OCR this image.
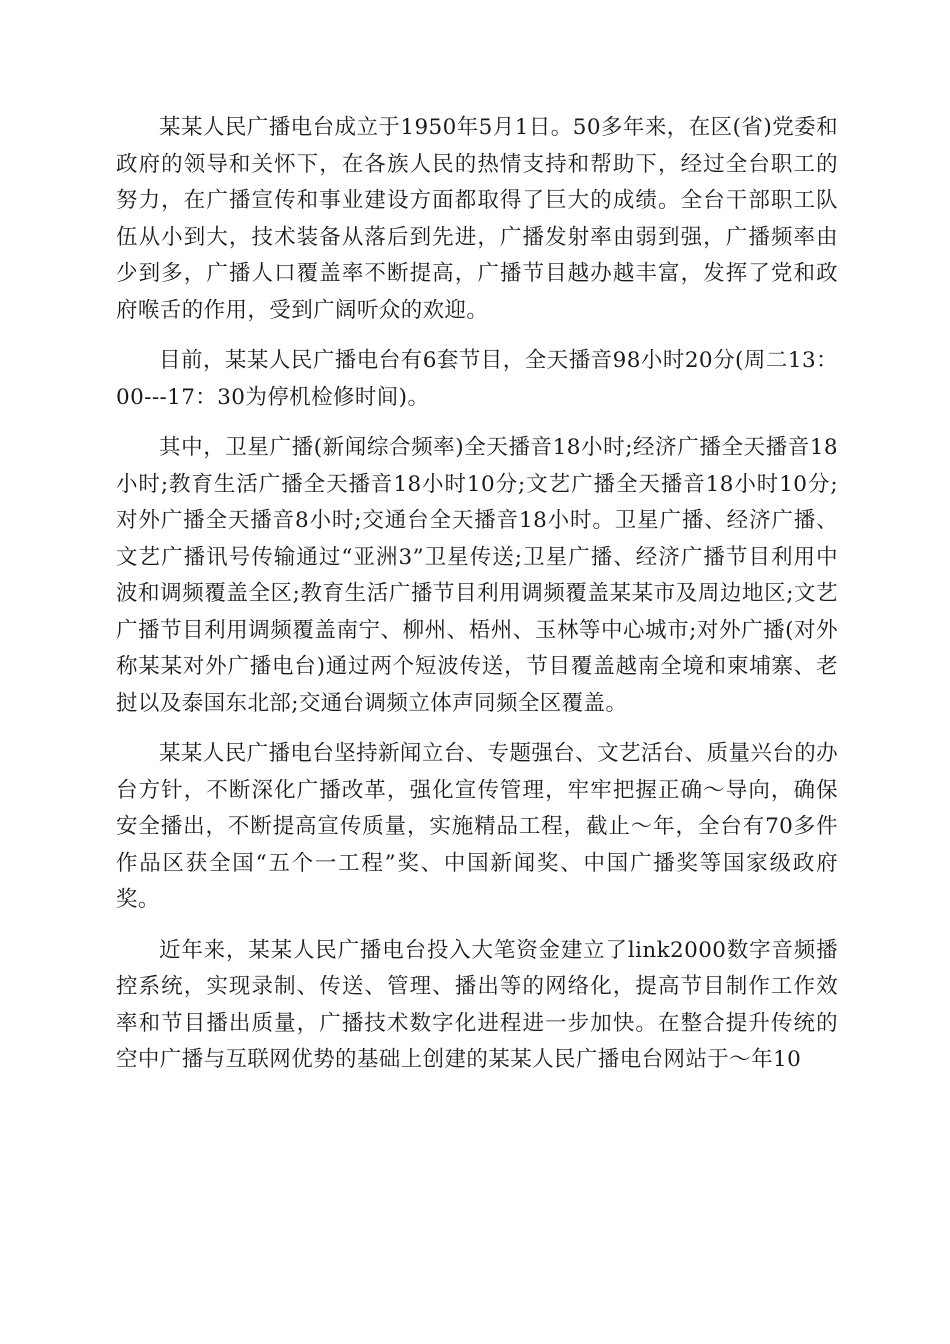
某某人民广播电台成立于1950年5月1日。50多年来，在区(省)党委和政府的领导和关怀下，在各族人民的热情支持和帮助下，经过全台职工的努力，在广播宣传和事业建设方面都取得了巨大的成绩。全台干部职工队伍从小到大，技术装备从落后到先进，广播发射率由弱到强，广播频率由少到多，广播人口覆盖率不断提高，广播节目越办越丰富，发挥了党和政府喉舌的作用，受到广阔听众的欢迎。

目前，某某人民广播电台有6套节目，全天播音98小时20分(周二13：00---17：30为停机检修时间)。

其中，卫星广播(新闻综合频率)全天播音18小时;经济广播全天播音18小时;教育生活广播全天播音18小时10分;文艺广播全天播音18小时10分;对外广播全天播音8小时;交通台全天播音18小时。卫星广播、经济广播、文艺广播讯号传输通过“亚洲3”卫星传送;卫星广播、经济广播节目利用中波和调频覆盖全区;教育生活广播节目利用调频覆盖某某市及周边地区;文艺广播节目利用调频覆盖南宁、柳州、梧州、玉林等中心城市;对外广播(对外称某某对外广播电台)通过两个短波传送，节目覆盖越南全境和柬埔寨、老挝以及泰国东北部;交通台调频立体声同频全区覆盖。

某某人民广播电台坚持新闻立台、专题强台、文艺活台、质量兴台的办台方针，不断深化广播改革，强化宣传管理，牢牢把握正确～导向，确保安全播出，不断提高宣传质量，实施精品工程，截止～年，全台有70多件作品区获全国“五个一工程”奖、中国新闻奖、中国广播奖等国家级政府奖。

近年来，某某人民广播电台投入大笔资金建立了link2000数字音频播控系统，实现录制、传送、管理、播出等的网络化，提高节目制作工作效率和节目播出质量，广播技术数字化进程进一步加快。在整合提升传统的空中广播与互联网优势的基础上创建的某某人民广播电台网站于～年10
